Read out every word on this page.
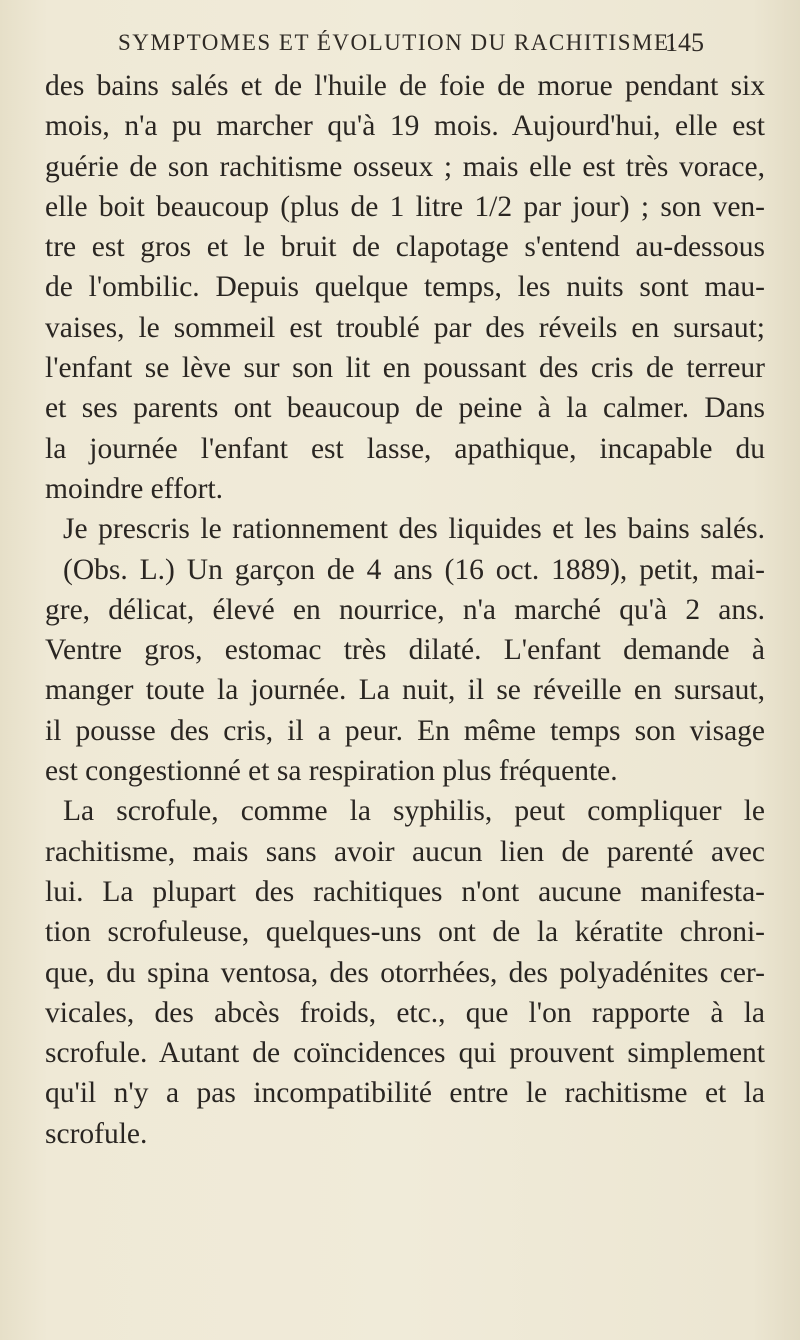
SYMPTOMES ET ÉVOLUTION DU RACHITISME.
145
des bains salés et de l'huile de foie de morue pendant six
mois, n'a pu marcher qu'à 19 mois. Aujourd'hui, elle est
guérie de son rachitisme osseux ; mais elle est très vorace,
elle boit beaucoup (plus de 1 litre 1/2 par jour) ; son ven-
tre est gros et le bruit de clapotage s'entend au-dessous
de l'ombilic. Depuis quelque temps, les nuits sont mau-
vaises, le sommeil est troublé par des réveils en sursaut;
l'enfant se lève sur son lit en poussant des cris de terreur
et ses parents ont beaucoup de peine à la calmer. Dans
la journée l'enfant est lasse, apathique, incapable du
moindre effort.
Je prescris le rationnement des liquides et les bains salés.
(Obs. L.) Un garçon de 4 ans (16 oct. 1889), petit, mai-
gre, délicat, élevé en nourrice, n'a marché qu'à 2 ans.
Ventre gros, estomac très dilaté. L'enfant demande à
manger toute la journée. La nuit, il se réveille en sursaut,
il pousse des cris, il a peur. En même temps son visage
est congestionné et sa respiration plus fréquente.
La scrofule, comme la syphilis, peut compliquer le
rachitisme, mais sans avoir aucun lien de parenté avec
lui. La plupart des rachitiques n'ont aucune manifesta-
tion scrofuleuse, quelques-uns ont de la kératite chroni-
que, du spina ventosa, des otorrhées, des polyadénites cer-
vicales, des abcès froids, etc., que l'on rapporte à la
scrofule. Autant de coïncidences qui prouvent simplement
qu'il n'y a pas incompatibilité entre le rachitisme et la
scrofule.
